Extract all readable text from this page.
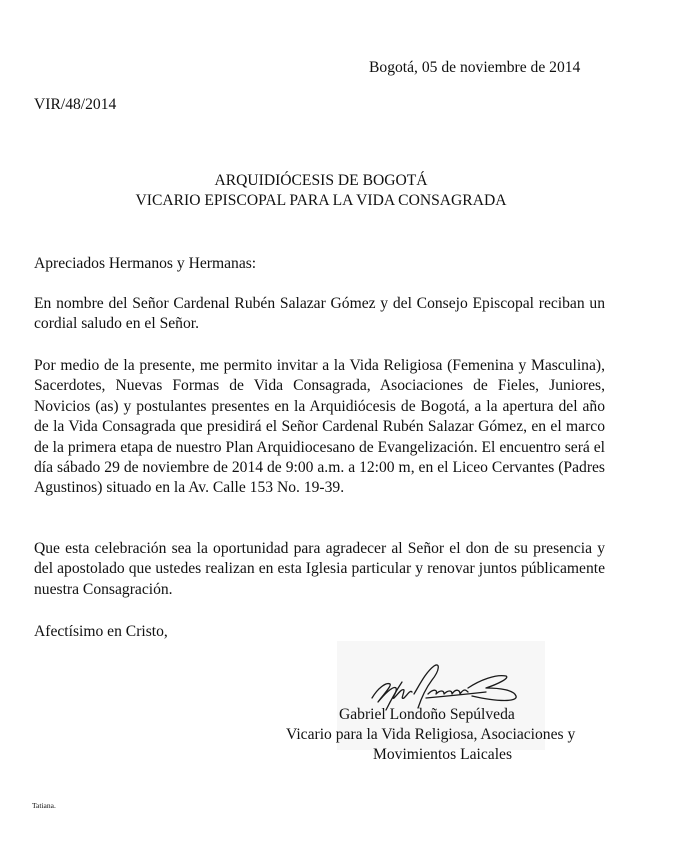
Bogotá, 05 de noviembre de 2014
VIR/48/2014
ARQUIDIÓCESIS DE BOGOTÁ
VICARIO EPISCOPAL PARA LA VIDA CONSAGRADA
Apreciados Hermanos y Hermanas:
En nombre del Señor Cardenal Rubén Salazar Gómez y del Consejo Episcopal reciban un cordial saludo en el Señor.
Por medio de la presente, me permito invitar a la Vida Religiosa (Femenina y Masculina), Sacerdotes, Nuevas Formas de Vida Consagrada, Asociaciones de Fieles, Juniores, Novicios (as) y postulantes presentes en la Arquidiócesis de Bogotá, a la apertura del año de la Vida Consagrada que presidirá el Señor Cardenal Rubén Salazar Gómez, en el marco de la primera etapa de nuestro Plan Arquidiocesano de Evangelización. El encuentro será el día sábado 29 de noviembre de 2014 de 9:00 a.m. a 12:00 m, en el Liceo Cervantes (Padres Agustinos) situado en la Av. Calle 153 No. 19-39.
Que esta celebración sea la oportunidad para agradecer al Señor el don de su presencia y del apostolado que ustedes realizan en esta Iglesia particular y renovar juntos públicamente nuestra Consagración.
Afectísimo en Cristo,
Gabriel Londoño Sepúlveda
Vicario para la Vida Religiosa, Asociaciones y
Movimientos Laicales
Tatiana.
